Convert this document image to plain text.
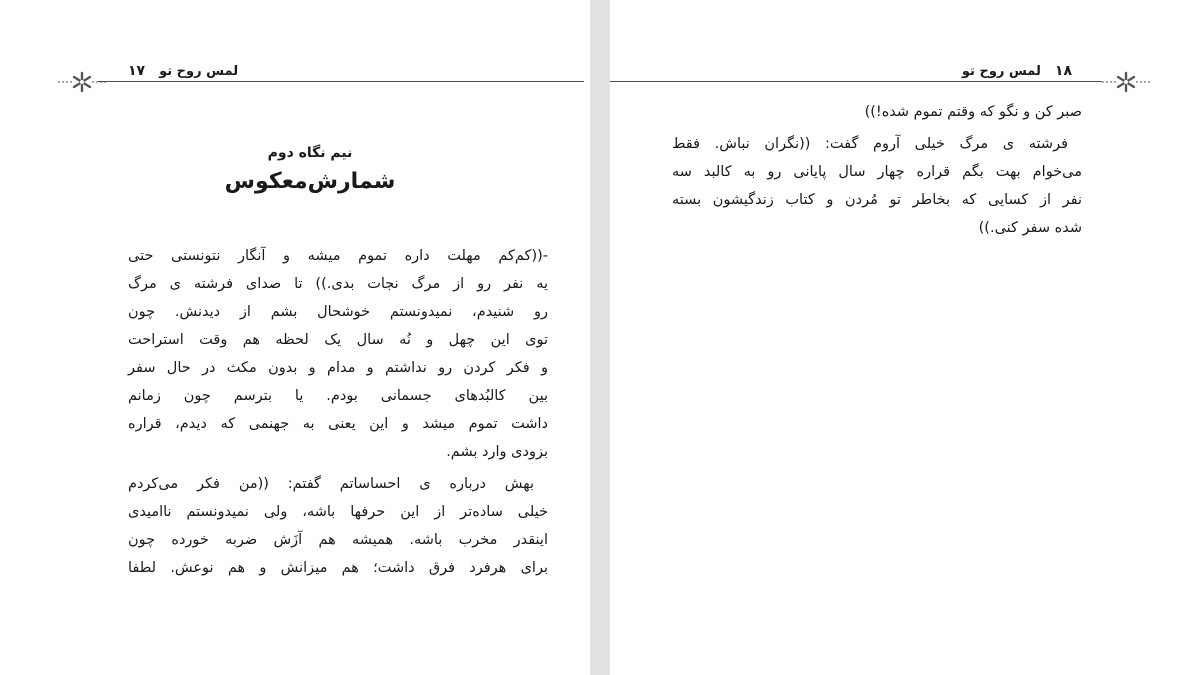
لمس روح تو
۱۷
نیم نگاه دوم
شمارش‌معکوس

-((کم‌کم مهلت داره تموم میشه و آنگار نتونستی حتی
یه نفر رو از مرگ نجات بدی.)) تا صدای فرشته ی مرگ
رو شنیدم، نمیدونستم خوشحال بشم از دیدنش. چون
توی این چهل و نُه سال یک لحظه هم وقت استراحت
و فکر کردن رو نداشتم و مدام و بدون مکث در حال سفر
بین کالبُدهای جسمانی بودم. یا بترسم چون زمانم
داشت تموم میشد و این یعنی به جهنمی که دیدم، قراره
بزودی وارد بشم.

بهش درباره ی احساساتم گفتم: ((من فکر می‌کردم
خیلی ساده‌تر از این حرفها باشه، ولی نمیدونستم ناامیدی
اینقدر مخرب باشه. همیشه هم آزَش ضربه خورده چون
برای هرفرد فرق داشت؛ هم میزانش و هم نوعش. لطفا

۱۸
لمس روح تو

صبر کن و نگو که وقتم تموم شده!))

فرشته ی مرگ خیلی آروم گفت: ((نگران نباش. فقط
می‌خوام بهت بگم قراره چهار سال پایانی رو به کالبد سه
نفر از کسایی که بخاطر تو مُردن و کتاب زندگیشون بسته
شده سفر کنی.))
